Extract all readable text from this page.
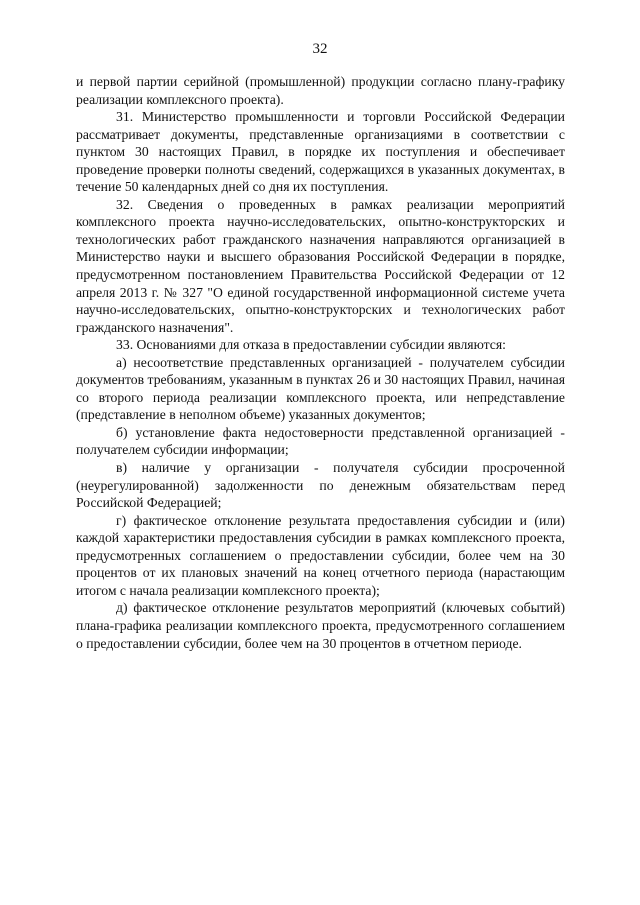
32

и первой партии серийной (промышленной) продукции согласно плану-графику реализации комплексного проекта).

31. Министерство промышленности и торговли Российской Федерации рассматривает документы, представленные организациями в соответствии с пунктом 30 настоящих Правил, в порядке их поступления и обеспечивает проведение проверки полноты сведений, содержащихся в указанных документах, в течение 50 календарных дней со дня их поступления.

32. Сведения о проведенных в рамках реализации мероприятий комплексного проекта научно-исследовательских, опытно-конструкторских и технологических работ гражданского назначения направляются организацией в Министерство науки и высшего образования Российской Федерации в порядке, предусмотренном постановлением Правительства Российской Федерации от 12 апреля 2013 г. № 327 "О единой государственной информационной системе учета научно-исследовательских, опытно-конструкторских и технологических работ гражданского назначения".

33. Основаниями для отказа в предоставлении субсидии являются:

а) несоответствие представленных организацией - получателем субсидии документов требованиям, указанным в пунктах 26 и 30 настоящих Правил, начиная со второго периода реализации комплексного проекта, или непредставление (представление в неполном объеме) указанных документов;

б) установление факта недостоверности представленной организацией - получателем субсидии информации;

в) наличие у организации - получателя субсидии просроченной (неурегулированной) задолженности по денежным обязательствам перед Российской Федерацией;

г) фактическое отклонение результата предоставления субсидии и (или) каждой характеристики предоставления субсидии в рамках комплексного проекта, предусмотренных соглашением о предоставлении субсидии, более чем на 30 процентов от их плановых значений на конец отчетного периода (нарастающим итогом с начала реализации комплексного проекта);

д) фактическое отклонение результатов мероприятий (ключевых событий) плана-графика реализации комплексного проекта, предусмотренного соглашением о предоставлении субсидии, более чем на 30 процентов в отчетном периоде.
